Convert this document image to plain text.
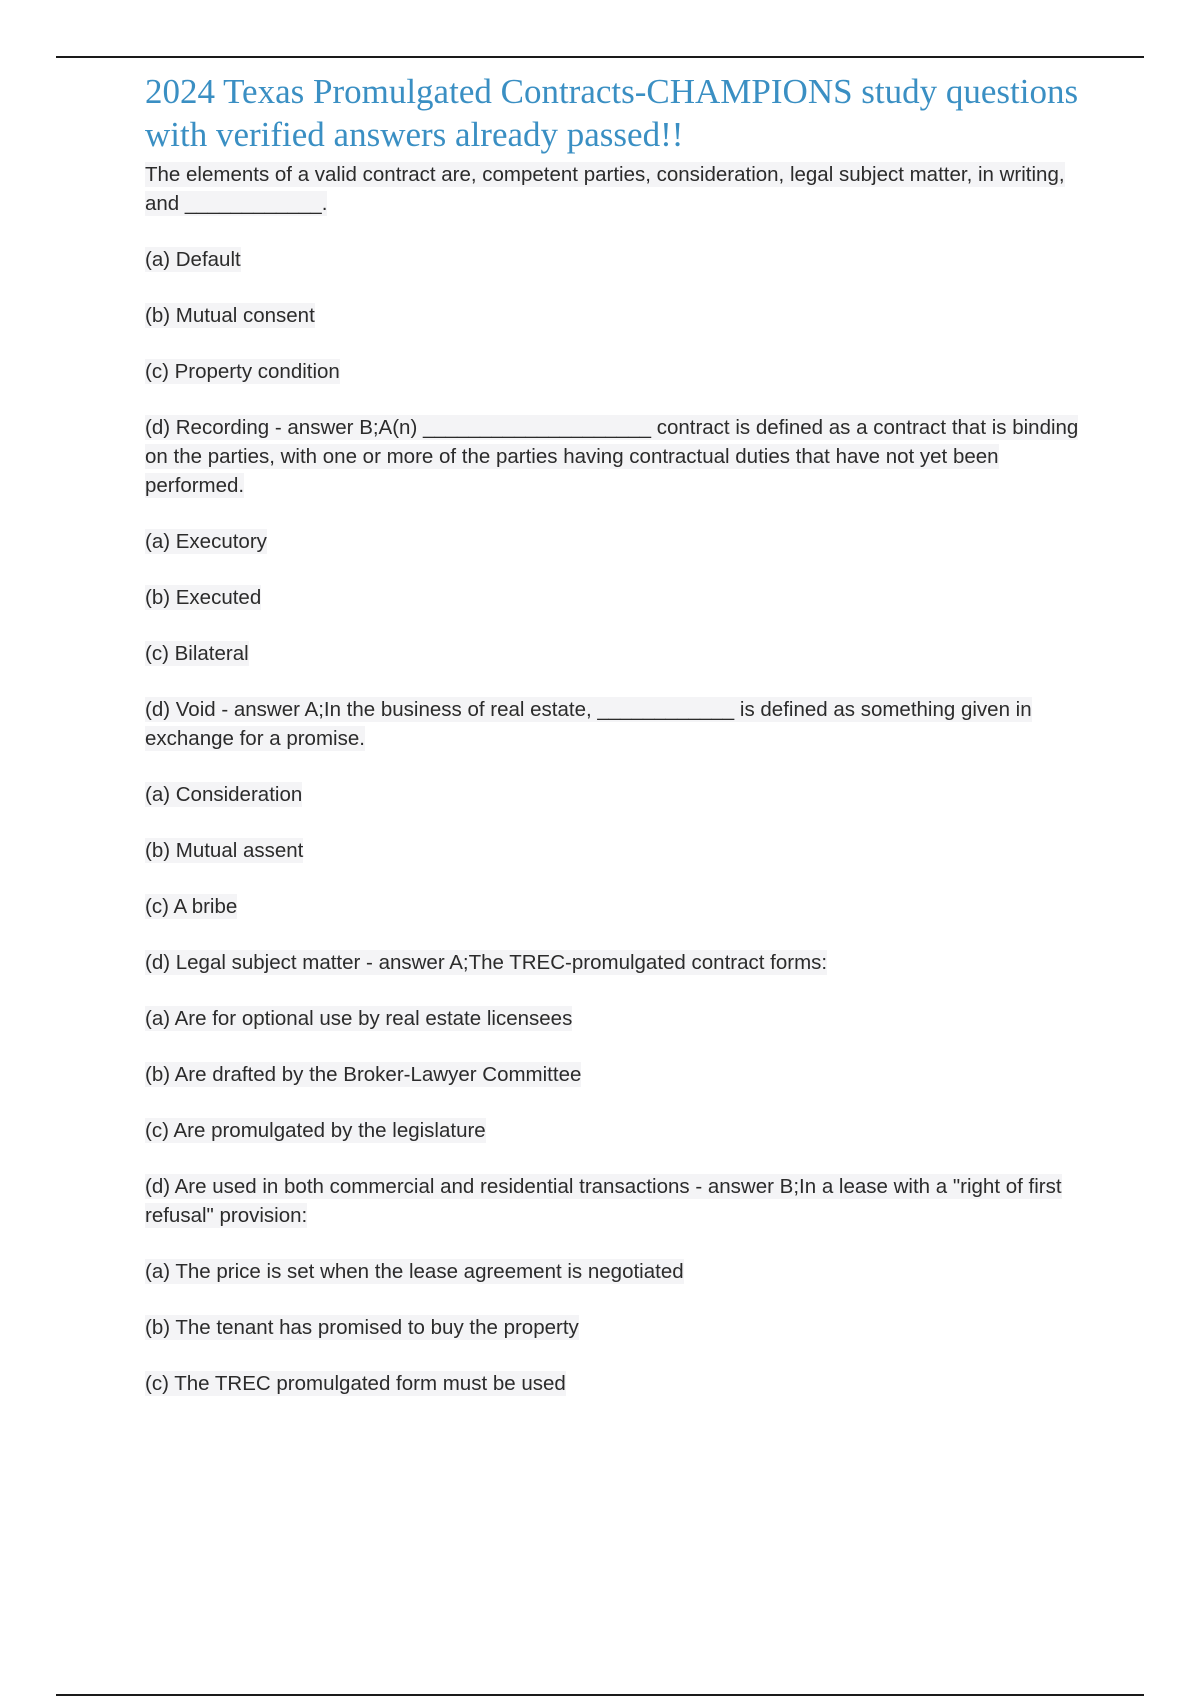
2024 Texas Promulgated Contracts-CHAMPIONS study questions with verified answers already passed!!

The elements of a valid contract are, competent parties, consideration, legal subject matter, in writing, and ____________.

(a) Default

(b) Mutual consent

(c) Property condition

(d) Recording - answer B;A(n) ____________________ contract is defined as a contract that is binding on the parties, with one or more of the parties having contractual duties that have not yet been performed.

(a) Executory

(b) Executed

(c) Bilateral

(d) Void - answer A;In the business of real estate, ____________ is defined as something given in exchange for a promise.

(a) Consideration

(b) Mutual assent

(c) A bribe

(d) Legal subject matter - answer A;The TREC-promulgated contract forms:

(a) Are for optional use by real estate licensees

(b) Are drafted by the Broker-Lawyer Committee

(c) Are promulgated by the legislature

(d) Are used in both commercial and residential transactions - answer B;In a lease with a "right of first refusal" provision:

(a) The price is set when the lease agreement is negotiated

(b) The tenant has promised to buy the property

(c) The TREC promulgated form must be used
